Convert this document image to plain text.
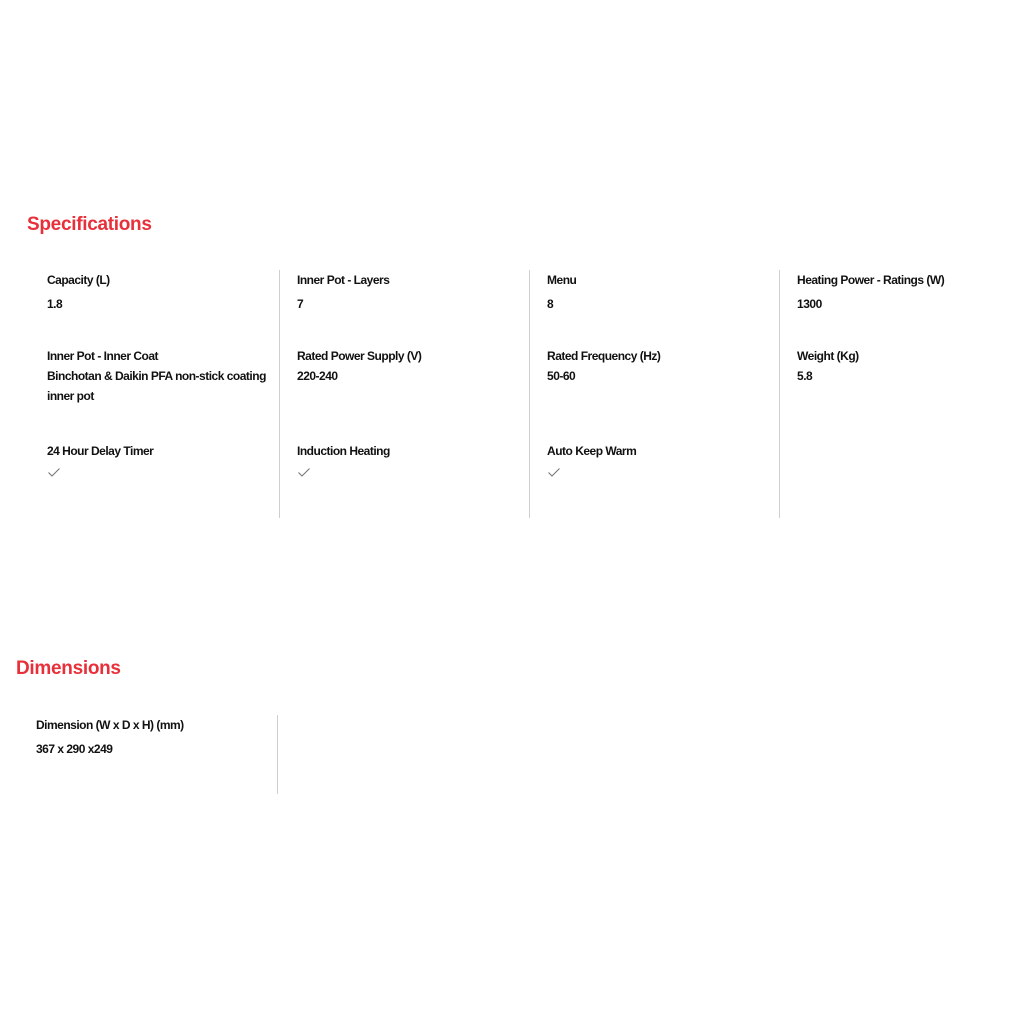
Specifications
Capacity (L)
1.8
Inner Pot - Inner Coat
Binchotan & Daikin PFA non-stick coating inner pot
24 Hour Delay Timer
Inner Pot - Layers
7
Rated Power Supply (V)
220-240
Induction Heating
Menu
8
Rated Frequency (Hz)
50-60
Auto Keep Warm
Heating Power - Ratings (W)
1300
Weight (Kg)
5.8
Dimensions
Dimension (W x D x H) (mm)
367 x 290 x249
